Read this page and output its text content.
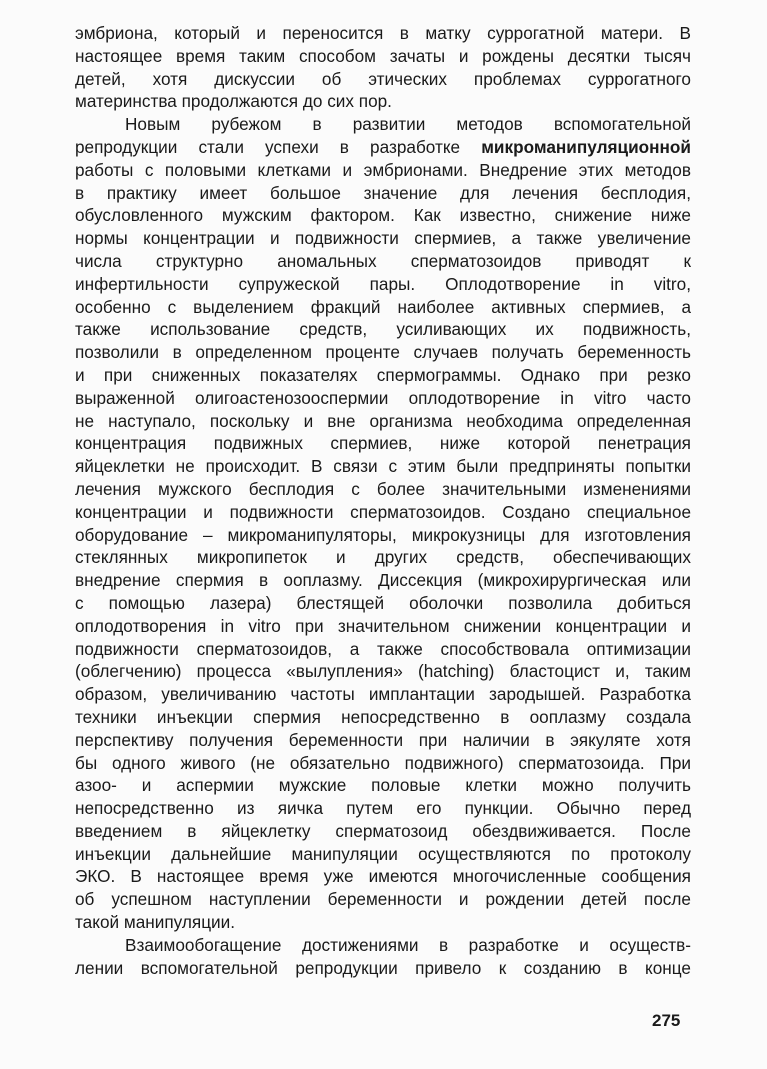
эмбриона, который и переносится в матку суррогатной матери. В
настоящее время таким способом зачаты и рождены десятки тысяч
детей, хотя дискуссии об этических проблемах суррогатного
материнства продолжаются до сих пор.
Новым рубежом в развитии методов вспомогательной
репродукции стали успехи в разработке микроманипуляционной
работы с половыми клетками и эмбрионами. Внедрение этих методов
в практику имеет большое значение для лечения бесплодия,
обусловленного мужским фактором. Как известно, снижение ниже
нормы концентрации и подвижности спермиев, а также увеличение
числа структурно аномальных сперматозоидов приводят к
инфертильности супружеской пары. Оплодотворение in vitro,
особенно с выделением фракций наиболее активных спермиев, а
также использование средств, усиливающих их подвижность,
позволили в определенном проценте случаев получать беременность
и при сниженных показателях спермограммы. Однако при резко
выраженной олигоастенозооспермии оплодотворение in vitro часто
не наступало, поскольку и вне организма необходима определенная
концентрация подвижных спермиев, ниже которой пенетрация
яйцеклетки не происходит. В связи с этим были предприняты попытки
лечения мужского бесплодия с более значительными изменениями
концентрации и подвижности сперматозоидов. Создано специальное
оборудование – микроманипуляторы, микрокузницы для изготовления
стеклянных микропипеток и других средств, обеспечивающих
внедрение спермия в ооплазму. Диссекция (микрохирургическая или
с помощью лазера) блестящей оболочки позволила добиться
оплодотворения in vitro при значительном снижении концентрации и
подвижности сперматозоидов, а также способствовала оптимизации
(облегчению) процесса «вылупления» (hatching) бластоцист и, таким
образом, увеличиванию частоты имплантации зародышей. Разработка
техники инъекции спермия непосредственно в ооплазму создала
перспективу получения беременности при наличии в эякуляте хотя
бы одного живого (не обязательно подвижного) сперматозоида. При
азоо- и аспермии мужские половые клетки можно получить
непосредственно из яичка путем его пункции. Обычно перед
введением в яйцеклетку сперматозоид обездвиживается. После
инъекции дальнейшие манипуляции осуществляются по протоколу
ЭКО. В настоящее время уже имеются многочисленные сообщения
об успешном наступлении беременности и рождении детей после
такой манипуляции.
Взаимообогащение достижениями в разработке и осуществ-
лении вспомогательной репродукции привело к созданию в конце
275
